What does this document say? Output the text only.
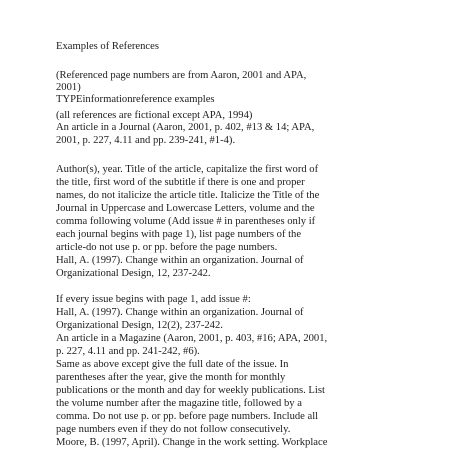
Examples of References

(Referenced page numbers are from Aaron, 2001 and APA,

2001)

TYPEinformationreference examples

(all references are fictional except APA, 1994)

An article in a Journal (Aaron, 2001, p. 402, #13 & 14; APA,

2001, p. 227, 4.11 and pp. 239-241, #1-4).

Author(s), year. Title of the article, capitalize the first word of

the title, first word of the subtitle if there is one and proper

names, do not italicize the article title. Italicize the Title of the

Journal in Uppercase and Lowercase Letters, volume and the

comma following volume (Add issue # in parentheses only if

each journal begins with page 1), list page numbers of the

article-do not use p. or pp. before the page numbers.

Hall, A. (1997). Change within an organization. Journal of

Organizational Design, 12, 237-242.

If every issue begins with page 1, add issue #:

Hall, A. (1997). Change within an organization. Journal of

Organizational Design, 12(2), 237-242.

An article in a Magazine (Aaron, 2001, p. 403, #16; APA, 2001,

p. 227, 4.11 and pp. 241-242, #6).

Same as above except give the full date of the issue. In

parentheses after the year, give the month for monthly

publications or the month and day for weekly publications. List

the volume number after the magazine title, followed by a

comma. Do not use p. or pp. before page numbers. Include all

page numbers even if they do not follow consecutively.

Moore, B. (1997, April). Change in the work setting. Workplace
